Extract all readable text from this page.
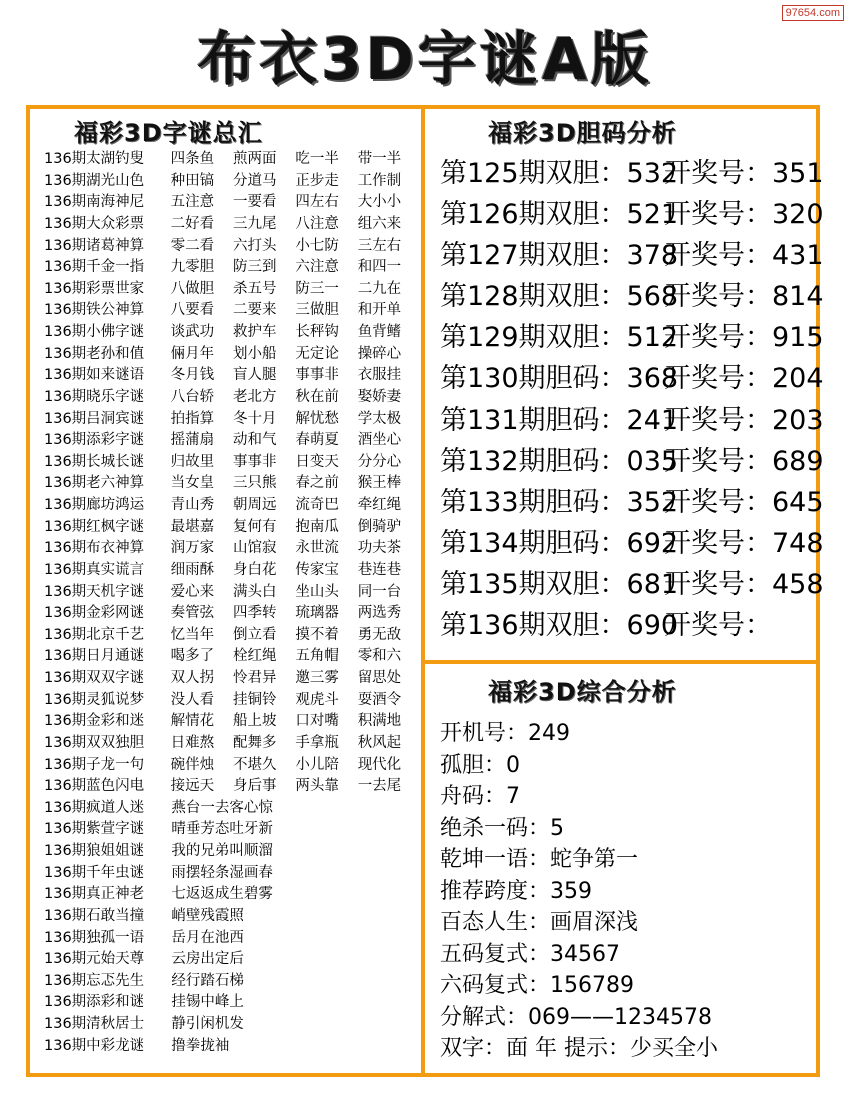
97654.com
布衣3D字谜A版
福彩3D字谜总汇	福彩3D胆码分析
福彩3D综合分析
136期太湖钓叟	四条鱼	煎两面	吃一半	带一半
136期湖光山色	种田镐	分道马	正步走	工作制
136期南海神尼	五注意	一要看	四左右	大小小
136期大众彩票	二好看	三九尾	八注意	组六来
136期诸葛神算	零二看	六打头	小七防	三左右
136期千金一指	九零胆	防三到	六注意	和四一
136期彩票世家	八做胆	杀五号	防三一	二九在
136期铁公神算	八要看	二要来	三做胆	和开单
136期小佛字谜	谈武功	救护车	长秤钩	鱼背鳍
136期老孙和值	倆月年	划小船	无定论	操碎心
136期如来谜语	冬月钱	盲人腿	事事非	衣服挂
136期晓乐字谜	八台轿	老北方	秋在前	娶娇妻
136期吕洞宾谜	拍指算	冬十月	解忧愁	学太极
136期添彩字谜	摇蒲扇	动和气	春萌夏	酒坐心
136期长城长谜	归故里	事事非	日变天	分分心
136期老六神算	当女皇	三只熊	春之前	猴王棒
136期廊坊鸿运	青山秀	朝周远	流奇巴	牵红绳
136期红枫字谜	最堪嘉	复何有	抱南瓜	倒骑驴
136期布衣神算	润万家	山馆寂	永世流	功夫茶
136期真实谎言	细雨酥	身白花	传家宝	巷连巷
136期天机字谜	爱心来	满头白	坐山头	同一台
136期金彩网谜	奏管弦	四季转	琉璃器	两选秀
136期北京千艺	忆当年	倒立看	摸不着	勇无敌
136期日月通谜	喝多了	栓红绳	五角帽	零和六
136期双双字谜	双人拐	怜君异	邀三雾	留思处
136期灵狐说梦	没人看	挂铜铃	观虎斗	耍酒令
136期金彩和迷	解情花	船上坡	口对嘴	积满地
136期双双独胆	日难熬	配舞多	手拿瓶	秋风起
136期子龙一句	碗伴烛	不堪久	小儿陪	现代化
136期蓝色闪电	接远天	身后事	两头靠	一去尾
136期疯道人迷	燕台一去客心惊
136期紫萱字谜	晴垂芳态吐牙新
136期狼姐姐谜	我的兄弟叫顺溜
136期千年虫谜	雨摆轻条湿画春
136期真正神老	七返返成生碧雾
136期石敢当撞	峭壁残霞照
136期独孤一语	岳月在池西
136期元始天尊	云房出定后
136期忘忑先生	经行踏石梯
136期添彩和谜	挂锡中峰上
136期清秋居士	静引闲机发
136期中彩龙谜	撸拳拢袖
第125期双胆：532
开奖号：351
第126期双胆：521
开奖号：320
第127期双胆：378
开奖号：431
第128期双胆：568
开奖号：814
第129期双胆：512
开奖号：915
第130期胆码：368
开奖号：204
第131期胆码：241
开奖号：203
第132期胆码：035
开奖号：689
第133期胆码：352
开奖号：645
第134期胆码：692
开奖号：748
第135期双胆：681
开奖号：458
第136期双胆：690
开奖号：
开机号：249
孤胆：0
舟码：7
绝杀一码：5
乾坤一语：蛇争第一
推荐跨度：359
百态人生：画眉深浅
五码复式：34567
六码复式：156789
分解式：069——1234578
双字：面 年 提示：少买全小
